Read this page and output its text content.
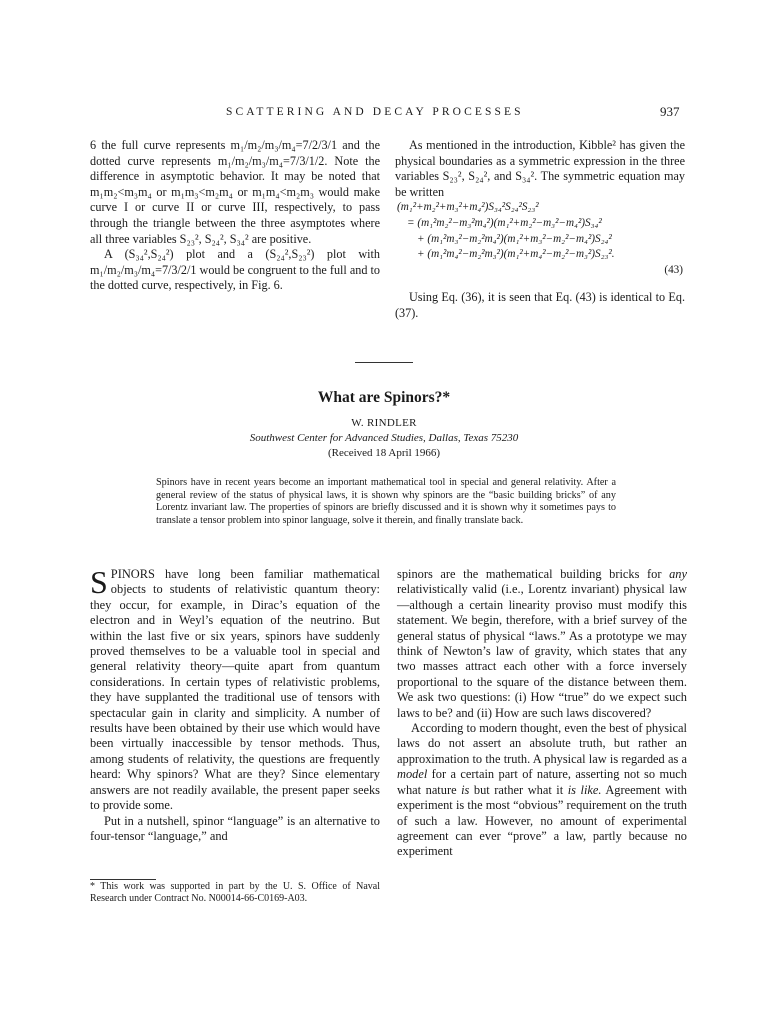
SCATTERING AND DECAY PROCESSES	937

6 the full curve represents m₁/m₂/m₃/m₄=7/2/3/1 and the dotted curve represents m₁/m₂/m₃/m₄=7/3/1/2. Note the difference in asymptotic behavior. It may be noted that m₁m₂<m₃m₄ or m₁m₃<m₂m₄ or m₁m₄<m₂m₃ would make curve I or curve II or curve III, respectively, to pass through the triangle between the three asymptotes where all three variables S₂₃², S₂₄², S₃₄² are positive.

A (S₃₄²,S₂₄²) plot and a (S₂₄²,S₂₃²) plot with m₁/m₂/m₃/m₄=7/3/2/1 would be congruent to the full and to the dotted curve, respectively, in Fig. 6.

As mentioned in the introduction, Kibble² has given the physical boundaries as a symmetric expression in the three variables S₂₃², S₂₄², and S₃₄². The symmetric equation may be written

(m₁²+m₂²+m₃²+m₄²)S₃₄²S₂₄²S₂₃²
= (m₁²m₂²−m₃²m₄²)(m₁²+m₂²−m₃²−m₄²)S₃₄²
+ (m₁²m₃²−m₂²m₄²)(m₁²+m₃²−m₂²−m₄²)S₂₄²
+ (m₁²m₄²−m₂²m₃²)(m₁²+m₄²−m₂²−m₃²)S₂₃².
(43)

Using Eq. (36), it is seen that Eq. (43) is identical to Eq. (37).

What are Spinors?*
W. RINDLER
Southwest Center for Advanced Studies, Dallas, Texas 75230
(Received 18 April 1966)
Spinors have in recent years become an important mathematical tool in special and general relativity. After a general review of the status of physical laws, it is shown why spinors are the “basic building bricks” of any Lorentz invariant law. The properties of spinors are briefly discussed and it is shown why it sometimes pays to translate a tensor problem into spinor language, solve it therein, and finally translate back.

SPINORS have long been familiar mathematical objects to students of relativistic quantum theory: they occur, for example, in Dirac’s equation of the electron and in Weyl’s equation of the neutrino. But within the last five or six years, spinors have suddenly proved themselves to be a valuable tool in special and general relativity theory—quite apart from quantum considerations. In certain types of relativistic problems, they have supplanted the traditional use of tensors with spectacular gain in clarity and simplicity. A number of results have been obtained by their use which would have been virtually inaccessible by tensor methods. Thus, among students of relativity, the questions are frequently heard: Why spinors? What are they? Since elementary answers are not readily available, the present paper seeks to provide some.

Put in a nutshell, spinor “language” is an alternative to four-tensor “language,” and

* This work was supported in part by the U. S. Office of Naval Research under Contract No. N00014-66-C0169-A03.

spinors are the mathematical building bricks for any relativistically valid (i.e., Lorentz invariant) physical law—although a certain linearity proviso must modify this statement. We begin, therefore, with a brief survey of the general status of physical “laws.” As a prototype we may think of Newton’s law of gravity, which states that any two masses attract each other with a force inversely proportional to the square of the distance between them. We ask two questions: (i) How “true” do we expect such laws to be? and (ii) How are such laws discovered?

According to modern thought, even the best of physical laws do not assert an absolute truth, but rather an approximation to the truth. A physical law is regarded as a model for a certain part of nature, asserting not so much what nature is but rather what it is like. Agreement with experiment is the most “obvious” requirement on the truth of such a law. However, no amount of experimental agreement can ever “prove” a law, partly because no experiment
